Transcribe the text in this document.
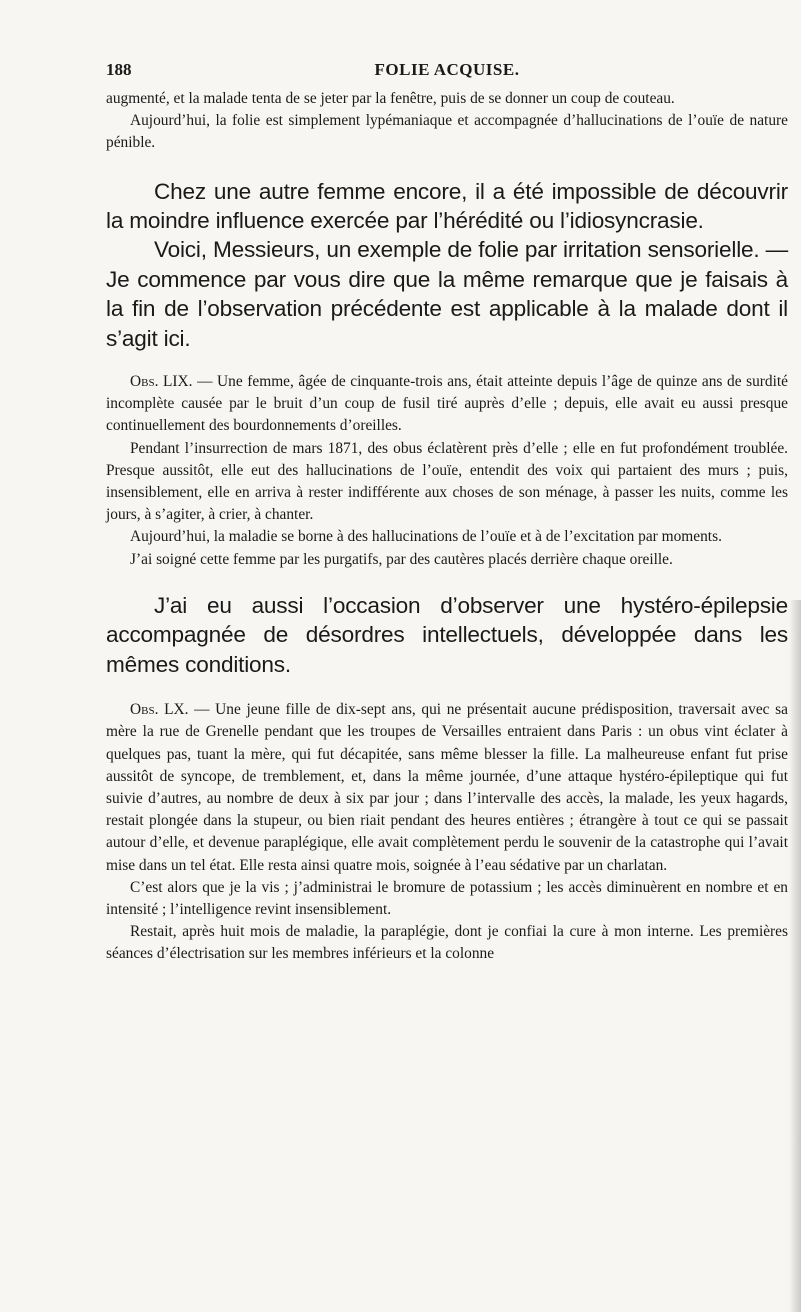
188	FOLIE ACQUISE.

augmenté, et la malade tenta de se jeter par la fenêtre, puis de se donner un coup de couteau.

Aujourd’hui, la folie est simplement lypémaniaque et accompagnée d’hallucinations de l’ouïe de nature pénible.

Chez une autre femme encore, il a été impossible de découvrir la moindre influence exercée par l’hérédité ou l’idiosyncrasie.

Voici, Messieurs, un exemple de folie par irritation sensorielle. — Je commence par vous dire que la même remarque que je faisais à la fin de l’observation précédente est applicable à la malade dont il s’agit ici.

Obs. LIX. — Une femme, âgée de cinquante-trois ans, était atteinte depuis l’âge de quinze ans de surdité incomplète causée par le bruit d’un coup de fusil tiré auprès d’elle ; depuis, elle avait eu aussi presque continuellement des bourdonnements d’oreilles.

Pendant l’insurrection de mars 1871, des obus éclatèrent près d’elle ; elle en fut profondément troublée. Presque aussitôt, elle eut des hallucinations de l’ouïe, entendit des voix qui partaient des murs ; puis, insensiblement, elle en arriva à rester indifférente aux choses de son ménage, à passer les nuits, comme les jours, à s’agiter, à crier, à chanter.

Aujourd’hui, la maladie se borne à des hallucinations de l’ouïe et à de l’excitation par moments.

J’ai soigné cette femme par les purgatifs, par des cautères placés derrière chaque oreille.

J’ai eu aussi l’occasion d’observer une hystéro-épilepsie accompagnée de désordres intellectuels, développée dans les mêmes conditions.

Obs. LX. — Une jeune fille de dix-sept ans, qui ne présentait aucune prédisposition, traversait avec sa mère la rue de Grenelle pendant que les troupes de Versailles entraient dans Paris : un obus vint éclater à quelques pas, tuant la mère, qui fut décapitée, sans même blesser la fille. La malheureuse enfant fut prise aussitôt de syncope, de tremblement, et, dans la même journée, d’une attaque hystéro-épileptique qui fut suivie d’autres, au nombre de deux à six par jour ; dans l’intervalle des accès, la malade, les yeux hagards, restait plongée dans la stupeur, ou bien riait pendant des heures entières ; étrangère à tout ce qui se passait autour d’elle, et devenue paraplégique, elle avait complètement perdu le souvenir de la catastrophe qui l’avait mise dans un tel état. Elle resta ainsi quatre mois, soignée à l’eau sédative par un charlatan.

C’est alors que je la vis ; j’administrai le bromure de potassium ; les accès diminuèrent en nombre et en intensité ; l’intelligence revint insensiblement.

Restait, après huit mois de maladie, la paraplégie, dont je confiai la cure à mon interne. Les premières séances d’électrisation sur les membres inférieurs et la colonne
